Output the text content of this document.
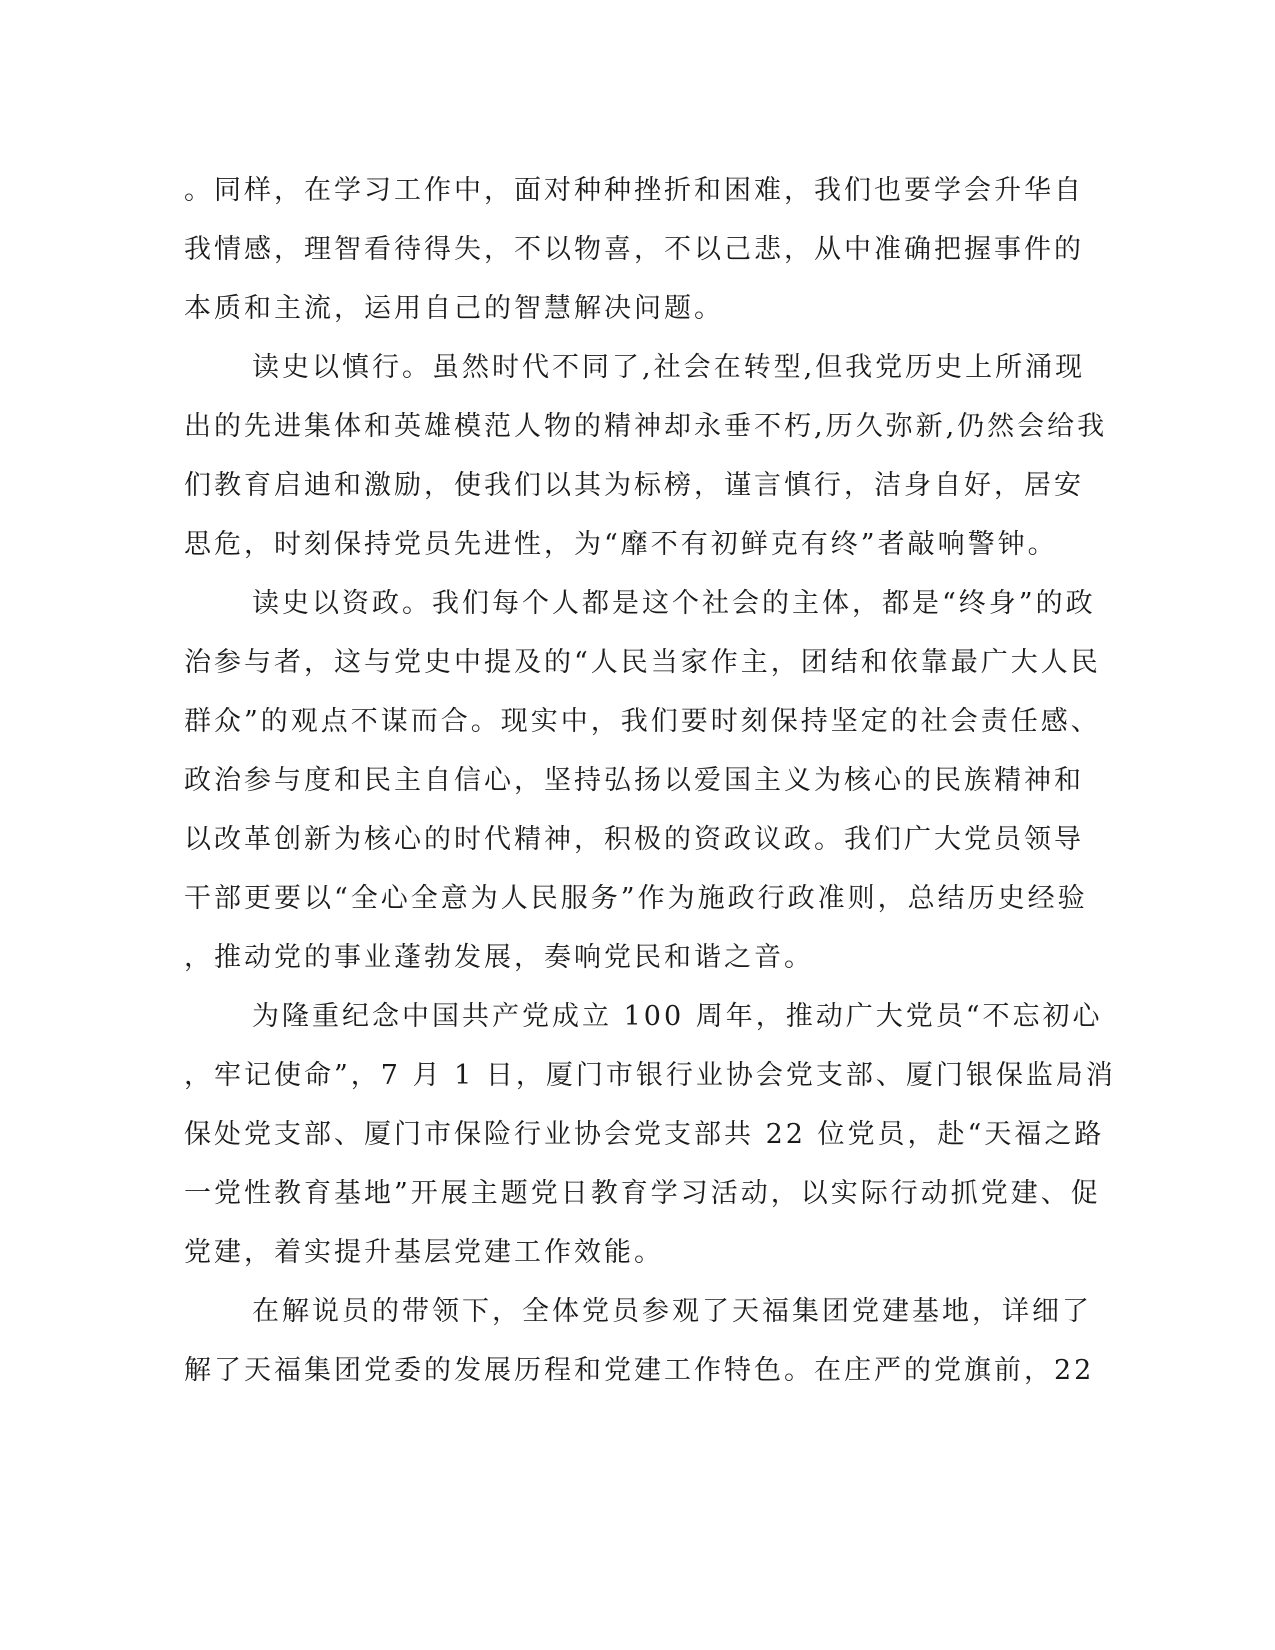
。同样，在学习工作中，面对种种挫折和困难，我们也要学会升华自
我情感，理智看待得失，不以物喜，不以己悲，从中准确把握事件的
本质和主流，运用自己的智慧解决问题。
读史以慎行。虽然时代不同了,社会在转型,但我党历史上所涌现
出的先进集体和英雄模范人物的精神却永垂不朽,历久弥新,仍然会给我
们教育启迪和激励，使我们以其为标榜，谨言慎行，洁身自好，居安
思危，时刻保持党员先进性，为“靡不有初鲜克有终”者敲响警钟。
读史以资政。我们每个人都是这个社会的主体，都是“终身”的政
治参与者，这与党史中提及的“人民当家作主，团结和依靠最广大人民
群众”的观点不谋而合。现实中，我们要时刻保持坚定的社会责任感、
政治参与度和民主自信心，坚持弘扬以爱国主义为核心的民族精神和
以改革创新为核心的时代精神，积极的资政议政。我们广大党员领导
干部更要以“全心全意为人民服务”作为施政行政准则，总结历史经验
，推动党的事业蓬勃发展，奏响党民和谐之音。
为隆重纪念中国共产党成立 100 周年，推动广大党员“不忘初心
，牢记使命”，7 月 1 日，厦门市银行业协会党支部、厦门银保监局消
保处党支部、厦门市保险行业协会党支部共 22 位党员，赴“天福之路
一党性教育基地”开展主题党日教育学习活动，以实际行动抓党建、促
党建，着实提升基层党建工作效能。
在解说员的带领下，全体党员参观了天福集团党建基地，详细了
解了天福集团党委的发展历程和党建工作特色。在庄严的党旗前，22
